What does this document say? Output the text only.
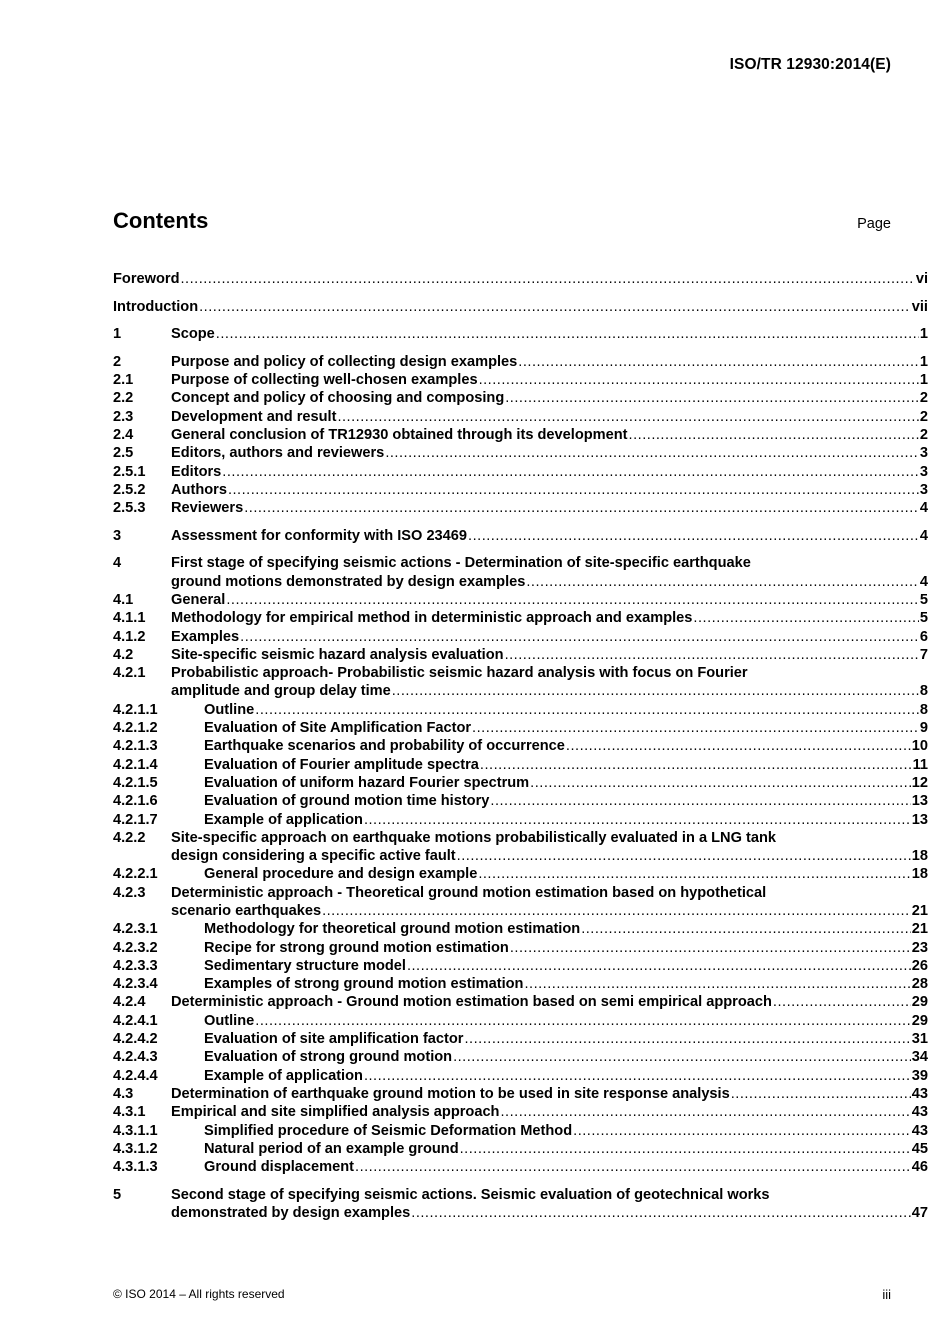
ISO/TR 12930:2014(E)
Contents	Page
Foreword .....	vi
Introduction .....	vii
1	Scope .....	1
2	Purpose and policy of collecting design examples .....	1
2.1	Purpose of collecting well-chosen examples .....	1
2.2	Concept and policy of choosing and composing .....	2
2.3	Development and result .....	2
2.4	General conclusion of TR12930 obtained through its development .....	2
2.5	Editors, authors and reviewers .....	3
2.5.1	Editors .....	3
2.5.2	Authors .....	3
2.5.3	Reviewers .....	4
3	Assessment for conformity with ISO 23469 .....	4
4	First stage of specifying seismic actions - Determination of site-specific earthquake
ground motions demonstrated by design examples .....	4
4.1	General .....	5
4.1.1	Methodology for empirical method in deterministic approach and examples .....	5
4.1.2	Examples .....	6
4.2	Site-specific seismic hazard analysis evaluation .....	7
4.2.1	Probabilistic approach- Probabilistic seismic hazard analysis with focus on Fourier
amplitude and group delay time .....	8
4.2.1.1	Outline .....	8
4.2.1.2	Evaluation of Site Amplification Factor .....	9
4.2.1.3	Earthquake scenarios and probability of occurrence .....	10
4.2.1.4	Evaluation of Fourier amplitude spectra .....	11
4.2.1.5	Evaluation of uniform hazard Fourier spectrum .....	12
4.2.1.6	Evaluation of ground motion time history .....	13
4.2.1.7	Example of application .....	13
4.2.2	Site-specific approach on earthquake motions probabilistically evaluated in a LNG tank
design considering a specific active fault .....	18
4.2.2.1	General procedure and design example .....	18
4.2.3	Deterministic approach - Theoretical ground motion estimation based on hypothetical
scenario earthquakes .....	21
4.2.3.1	Methodology for theoretical ground motion estimation .....	21
4.2.3.2	Recipe for strong ground motion estimation .....	23
4.2.3.3	Sedimentary structure model .....	26
4.2.3.4	Examples of strong ground motion estimation .....	28
4.2.4	Deterministic approach - Ground motion estimation based on semi empirical approach .....	29
4.2.4.1	Outline .....	29
4.2.4.2	Evaluation of site amplification factor .....	31
4.2.4.3	Evaluation of strong ground motion .....	34
4.2.4.4	Example of application .....	39
4.3	Determination of earthquake ground motion to be used in site response analysis .....	43
4.3.1	Empirical and site simplified analysis approach .....	43
4.3.1.1	Simplified procedure of Seismic Deformation Method .....	43
4.3.1.2	Natural period of an example ground .....	45
4.3.1.3	Ground displacement .....	46
5	Second stage of specifying seismic actions. Seismic evaluation of geotechnical works
demonstrated by design examples .....	47
© ISO 2014 – All rights reserved	iii
